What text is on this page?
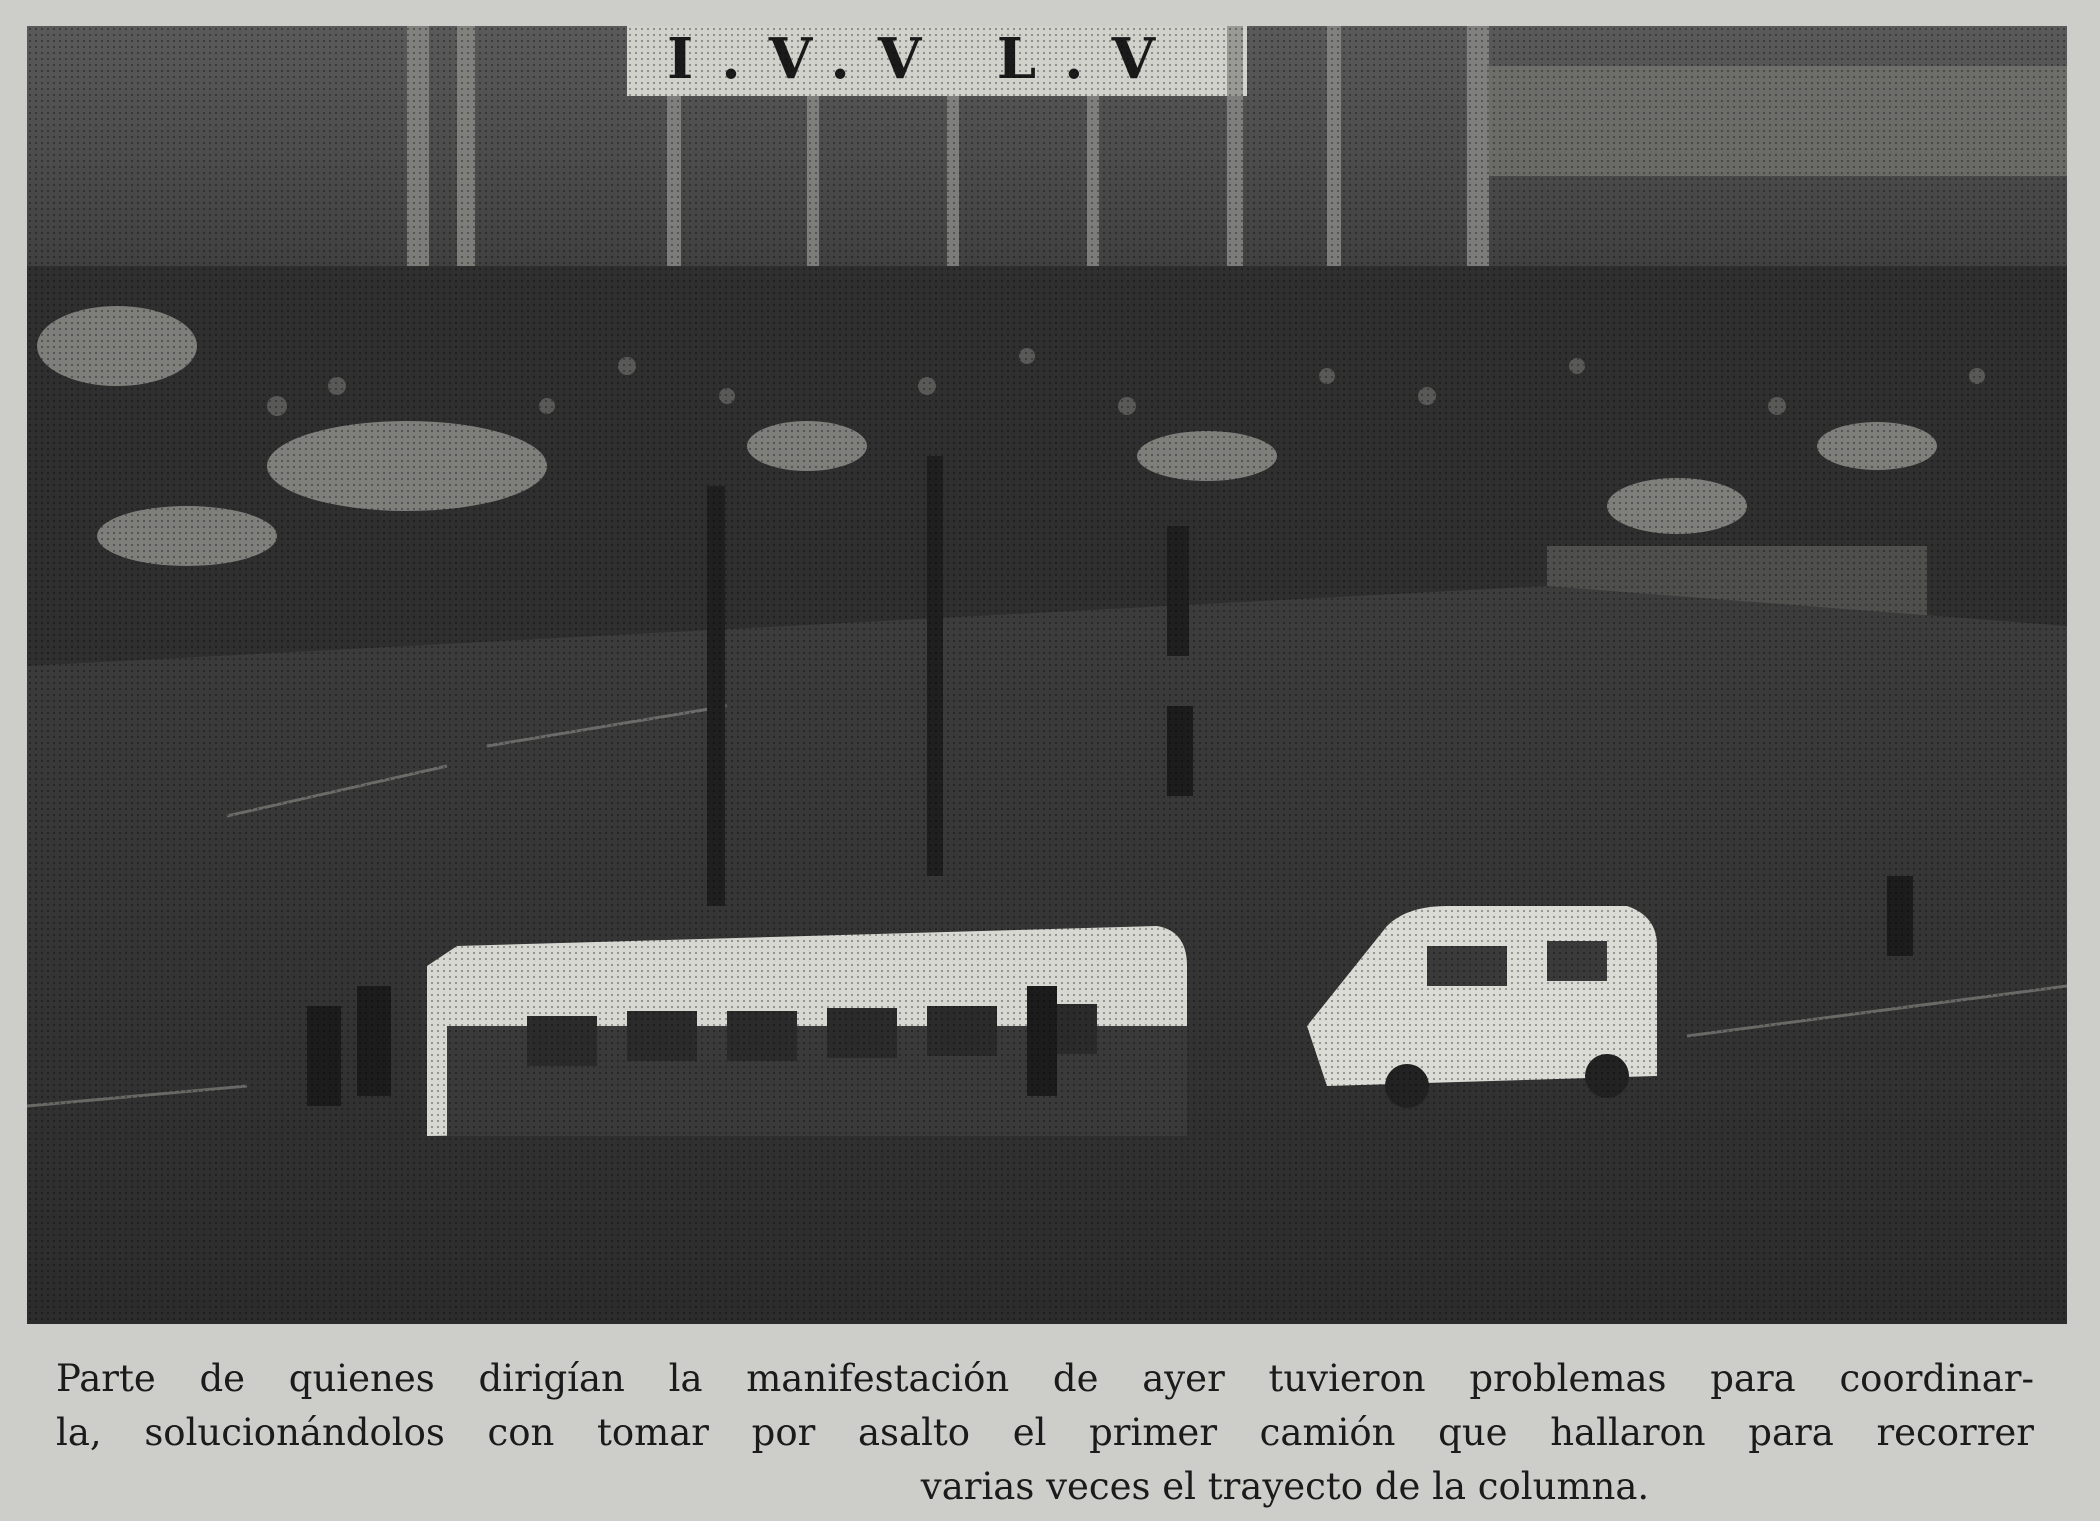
Parte de quienes dirigían la manifestación de ayer tuvieron problemas para coordinar-
la, solucionándolos con tomar por asalto el primer camión que hallaron para recorrer
varias veces el trayecto de la columna.
